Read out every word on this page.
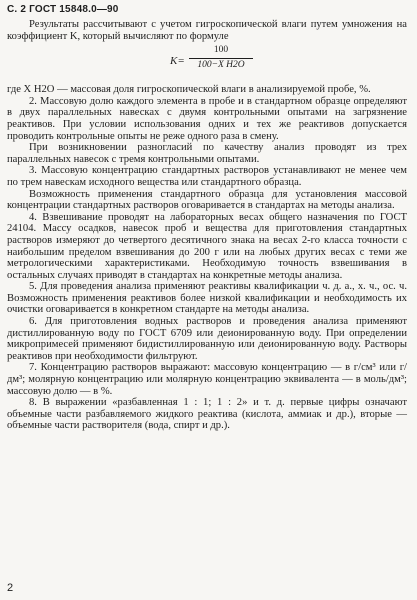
С. 2 ГОСТ 15848.0—90

Результаты рассчитывают с учетом гигроскопической влаги путем умножения на коэффициент K, который вычисляют по формуле

$K= \frac{100}{\text{100−X H2O}}$

где X H2O — массовая доля гигроскопической влаги в анализируемой пробе, %.

2. Массовую долю каждого элемента в пробе и в стандартном образце определяют в двух параллельных навесках с двумя контрольными опытами на загрязнение реактивов. При условии использования одних и тех же реактивов допускается проводить контрольные опыты не реже одного раза в смену.

При возникновении разногласий по качеству анализ проводят из трех параллельных навесок с тремя контрольными опытами.

3. Массовую концентрацию стандартных растворов устанавливают не менее чем по трем навескам исходного вещества или стандартного образца.

Возможность применения стандартного образца для установления массовой концентрации стандартных растворов оговаривается в стандартах на методы анализа.

4. Взвешивание проводят на лабораторных весах общего назначения по ГОСТ 24104. Массу осадков, навесок проб и вещества для приготовления стандартных растворов измеряют до четвертого десятичного знака на весах 2-го класса точности с наибольшим пределом взвешивания до 200 г или на любых других весах с теми же метрологическими характеристиками. Необходимую точность взвешивания в остальных случаях приводят в стандартах на конкретные методы анализа.

5. Для проведения анализа применяют реактивы квалификации ч. д. а., х. ч., ос. ч. Возможность применения реактивов более низкой квалификации и необходимость их очистки оговаривается в конкретном стандарте на методы анализа.

6. Для приготовления водных растворов и проведения анализа применяют дистиллированную воду по ГОСТ 6709 или деионированную воду. При определении микропримесей применяют бидистиллированную или деионированную воду. Растворы реактивов при необходимости фильтруют.

7. Концентрацию растворов выражают: массовую концентрацию — в г/см³ или г/дм³; молярную концентрацию или молярную концентрацию эквивалента — в моль/дм³; массовую долю — в %.

8. В выражении «разбавленная 1 : 1; 1 : 2» и т. д. первые цифры означают объемные части разбавляемого жидкого реактива (кислота, аммиак и др.), вторые — объемные части растворителя (вода, спирт и др.).

2
